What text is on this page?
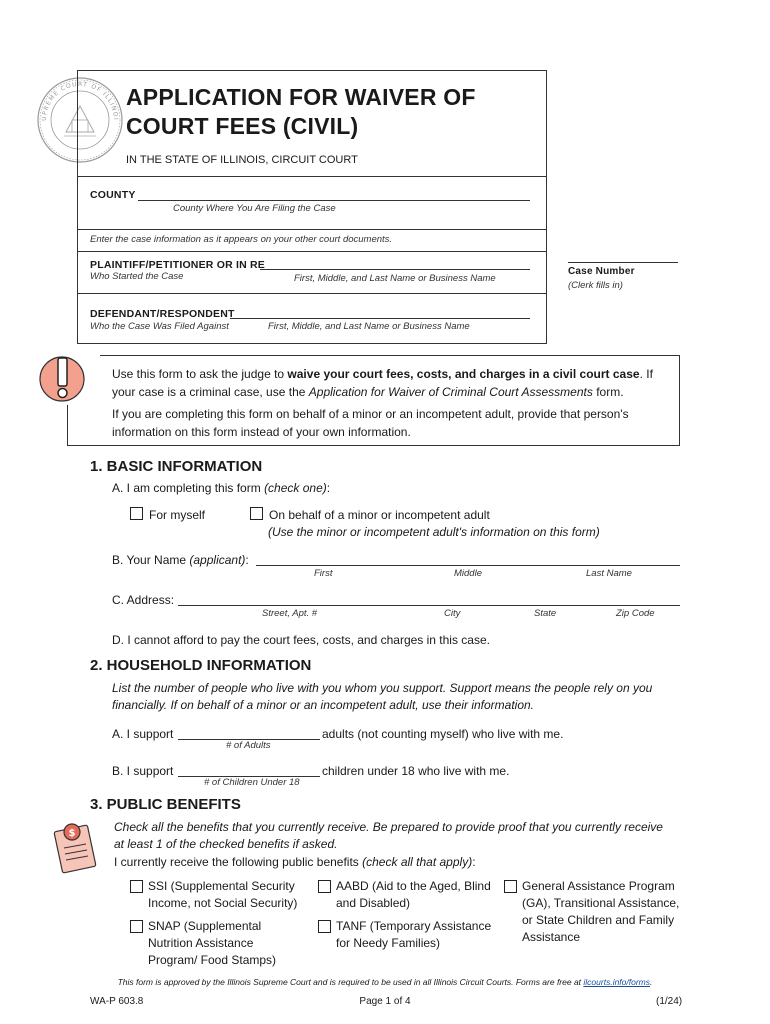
UPREME COURT OF ILLINOI
APPLICATION FOR WAIVER OF
COURT FEES (CIVIL)
IN THE STATE OF ILLINOIS, CIRCUIT COURT
COUNTY
County Where You Are Filing the Case
Enter the case information as it appears on your other court documents.
PLAINTIFF/PETITIONER OR IN RE
Who Started the Case	First, Middle, and Last Name or Business Name
DEFENDANT/RESPONDENT
Who the Case Was Filed Against	First, Middle, and Last Name or Business Name
Case Number
(Clerk fills in)

Use this form to ask the judge to waive your court fees, costs, and charges in a civil court case. If your case is a criminal case, use the Application for Waiver of Criminal Court Assessments form.

If you are completing this form on behalf of a minor or an incompetent adult, provide that person's information on this form instead of your own information.

1. BASIC INFORMATION
A. I am completing this form (check one):
For myself	On behalf of a minor or incompetent adult
(Use the minor or incompetent adult's information on this form)
B. Your Name (applicant):
First	Middle	Last Name
C. Address:
Street, Apt. #	City	State	Zip Code
D. I cannot afford to pay the court fees, costs, and charges in this case.
2. HOUSEHOLD INFORMATION
List the number of people who live with you whom you support. Support means the people rely on you financially. If on behalf of a minor or an incompetent adult, use their information.
A. I support	adults (not counting myself) who live with me.
# of Adults
B. I support	children under 18 who live with me.
# of Children Under 18
3. PUBLIC BENEFITS
$	Check all the benefits that you currently receive. Be prepared to provide proof that you currently receive at least 1 of the checked benefits if asked.
I currently receive the following public benefits (check all that apply):
SSI (Supplemental Security Income, not Social Security)
AABD (Aid to the Aged, Blind and Disabled)
General Assistance Program (GA), Transitional Assistance, or State Children and Family Assistance
SNAP (Supplemental Nutrition Assistance Program/ Food Stamps)
TANF (Temporary Assistance for Needy Families)
This form is approved by the Illinois Supreme Court and is required to be used in all Illinois Circuit Courts. Forms are free at ilcourts.info/forms.
WA-P 603.8	Page 1 of 4	(1/24)
